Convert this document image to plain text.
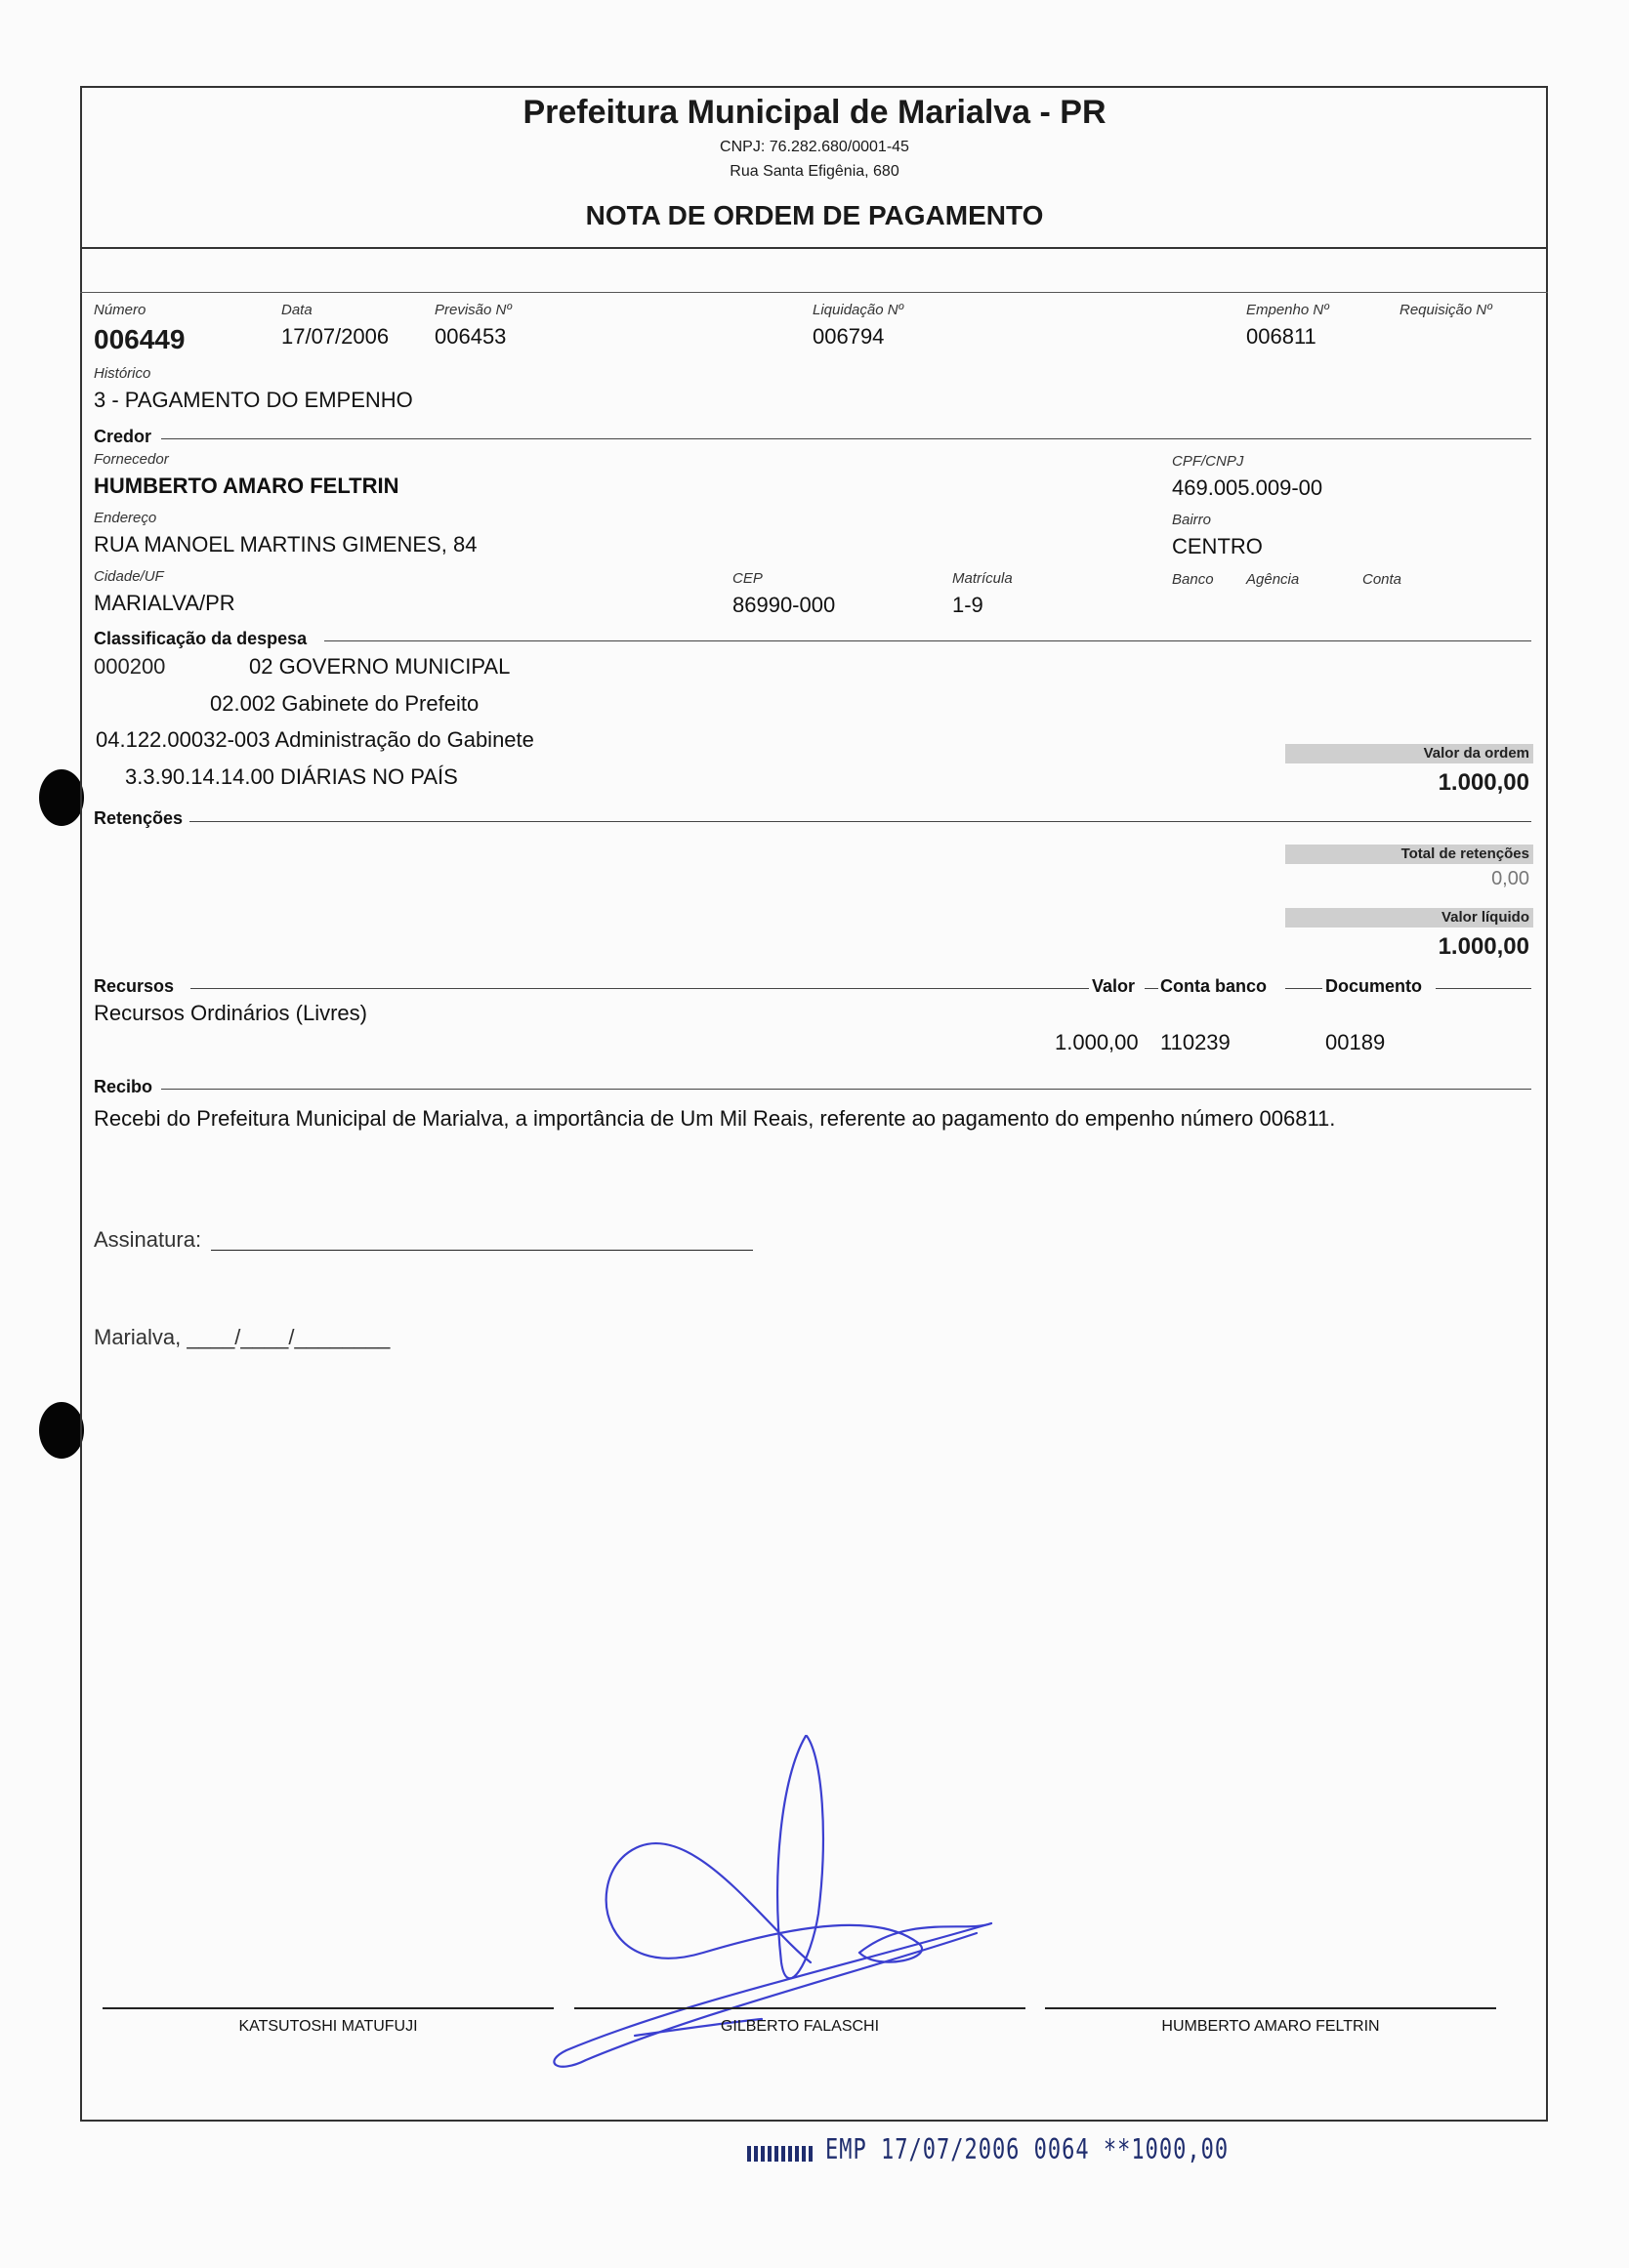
Prefeitura Municipal de Marialva - PR
CNPJ: 76.282.680/0001-45
Rua Santa Efigênia, 680
NOTA DE ORDEM DE PAGAMENTO
Número
006449
Data
17/07/2006
Previsão Nº
006453
Liquidação Nº
006794
Empenho Nº
006811
Requisição Nº
Histórico
3 - PAGAMENTO DO EMPENHO
Credor
Fornecedor
HUMBERTO AMARO FELTRIN
CPF/CNPJ
469.005.009-00
Endereço
RUA MANOEL MARTINS GIMENES, 84
Bairro
CENTRO
Cidade/UF
MARIALVA/PR
CEP
86990-000
Matrícula
1-9
Banco Agência	Conta
Classificação da despesa
000200	02 GOVERNO MUNICIPAL
02.002 Gabinete do Prefeito
04.122.00032-003 Administração do Gabinete
3.3.90.14.14.00 DIÁRIAS NO PAÍS
Valor da ordem
1.000,00
Retenções
Total de retenções
0,00
Valor líquido
1.000,00
Recursos	Valor Conta banco	Documento
Recursos Ordinários (Livres)
1.000,00 110239	00189
Recibo
Recebi do Prefeitura Municipal de Marialva, a importância de Um Mil Reais, referente ao pagamento do empenho número 006811.
Assinatura:
Marialva, ____/____/________
KATSUTOSHI MATUFUJI	GILBERTO FALASCHI	HUMBERTO AMARO FELTRIN
EMP 17/07/2006 0064 **1000,00
